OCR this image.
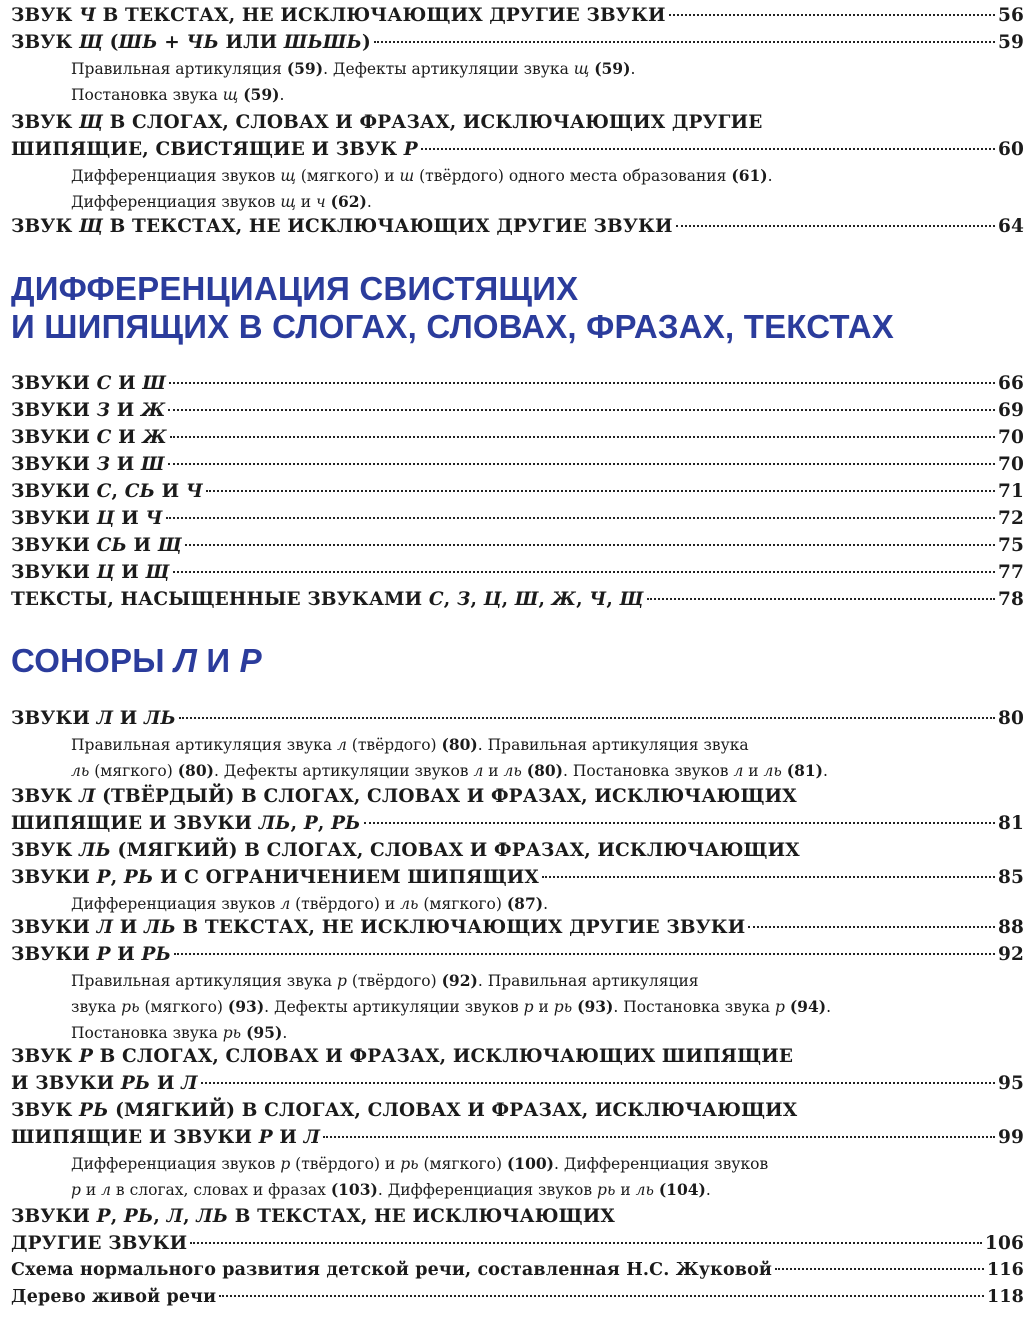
ЗВУК Ч В ТЕКСТАХ, НЕ ИСКЛЮЧАЮЩИХ ДРУГИЕ ЗВУКИ	56
ЗВУК Щ (ШЬ + ЧЬ ИЛИ ШЬШЬ)	59
Правильная артикуляция (59). Дефекты артикуляции звука щ (59).
Постановка звука щ (59).
ЗВУК Щ В СЛОГАХ, СЛОВАХ И ФРАЗАХ, ИСКЛЮЧАЮЩИХ ДРУГИЕ
ШИПЯЩИЕ, СВИСТЯЩИЕ И ЗВУК Р	60
Дифференциация звуков щ (мягкого) и ш (твёрдого) одного места образования (61).
Дифференциация звуков щ и ч (62).
ЗВУК Щ В ТЕКСТАХ, НЕ ИСКЛЮЧАЮЩИХ ДРУГИЕ ЗВУКИ	64
ДИФФЕРЕНЦИАЦИЯ СВИСТЯЩИХ
И ШИПЯЩИХ В СЛОГАХ, СЛОВАХ, ФРАЗАХ, ТЕКСТАХ
ЗВУКИ С И Ш	66
ЗВУКИ З И Ж	69
ЗВУКИ С И Ж	70
ЗВУКИ З И Ш	70
ЗВУКИ С, СЬ И Ч	71
ЗВУКИ Ц И Ч	72
ЗВУКИ СЬ И Щ	75
ЗВУКИ Ц И Щ	77
ТЕКСТЫ, НАСЫЩЕННЫЕ ЗВУКАМИ С, З, Ц, Ш, Ж, Ч, Щ	78
СОНОРЫ Л И Р
ЗВУКИ Л И ЛЬ	80
Правильная артикуляция звука л (твёрдого) (80). Правильная артикуляция звука
ль (мягкого) (80). Дефекты артикуляции звуков л и ль (80). Постановка звуков л и ль (81).
ЗВУК Л (ТВЁРДЫЙ) В СЛОГАХ, СЛОВАХ И ФРАЗАХ, ИСКЛЮЧАЮЩИХ
ШИПЯЩИЕ И ЗВУКИ ЛЬ, Р, РЬ	81
ЗВУК ЛЬ (МЯГКИЙ) В СЛОГАХ, СЛОВАХ И ФРАЗАХ, ИСКЛЮЧАЮЩИХ
ЗВУКИ Р, РЬ И С ОГРАНИЧЕНИЕМ ШИПЯЩИХ	85
Дифференциация звуков л (твёрдого) и ль (мягкого) (87).
ЗВУКИ Л И ЛЬ В ТЕКСТАХ, НЕ ИСКЛЮЧАЮЩИХ ДРУГИЕ ЗВУКИ	88
ЗВУКИ Р И РЬ	92
Правильная артикуляция звука р (твёрдого) (92). Правильная артикуляция
звука рь (мягкого) (93). Дефекты артикуляции звуков р и рь (93). Постановка звука р (94).
Постановка звука рь (95).
ЗВУК Р В СЛОГАХ, СЛОВАХ И ФРАЗАХ, ИСКЛЮЧАЮЩИХ ШИПЯЩИЕ
И ЗВУКИ РЬ И Л	95
ЗВУК РЬ (МЯГКИЙ) В СЛОГАХ, СЛОВАХ И ФРАЗАХ, ИСКЛЮЧАЮЩИХ
ШИПЯЩИЕ И ЗВУКИ Р И Л	99
Дифференциация звуков р (твёрдого) и рь (мягкого) (100). Дифференциация звуков
р и л в слогах, словах и фразах (103). Дифференциация звуков рь и ль (104).
ЗВУКИ Р, РЬ, Л, ЛЬ В ТЕКСТАХ, НЕ ИСКЛЮЧАЮЩИХ
ДРУГИЕ ЗВУКИ	106
Схема нормального развития детской речи, составленная Н.С. Жуковой	116
Дерево живой речи	118
